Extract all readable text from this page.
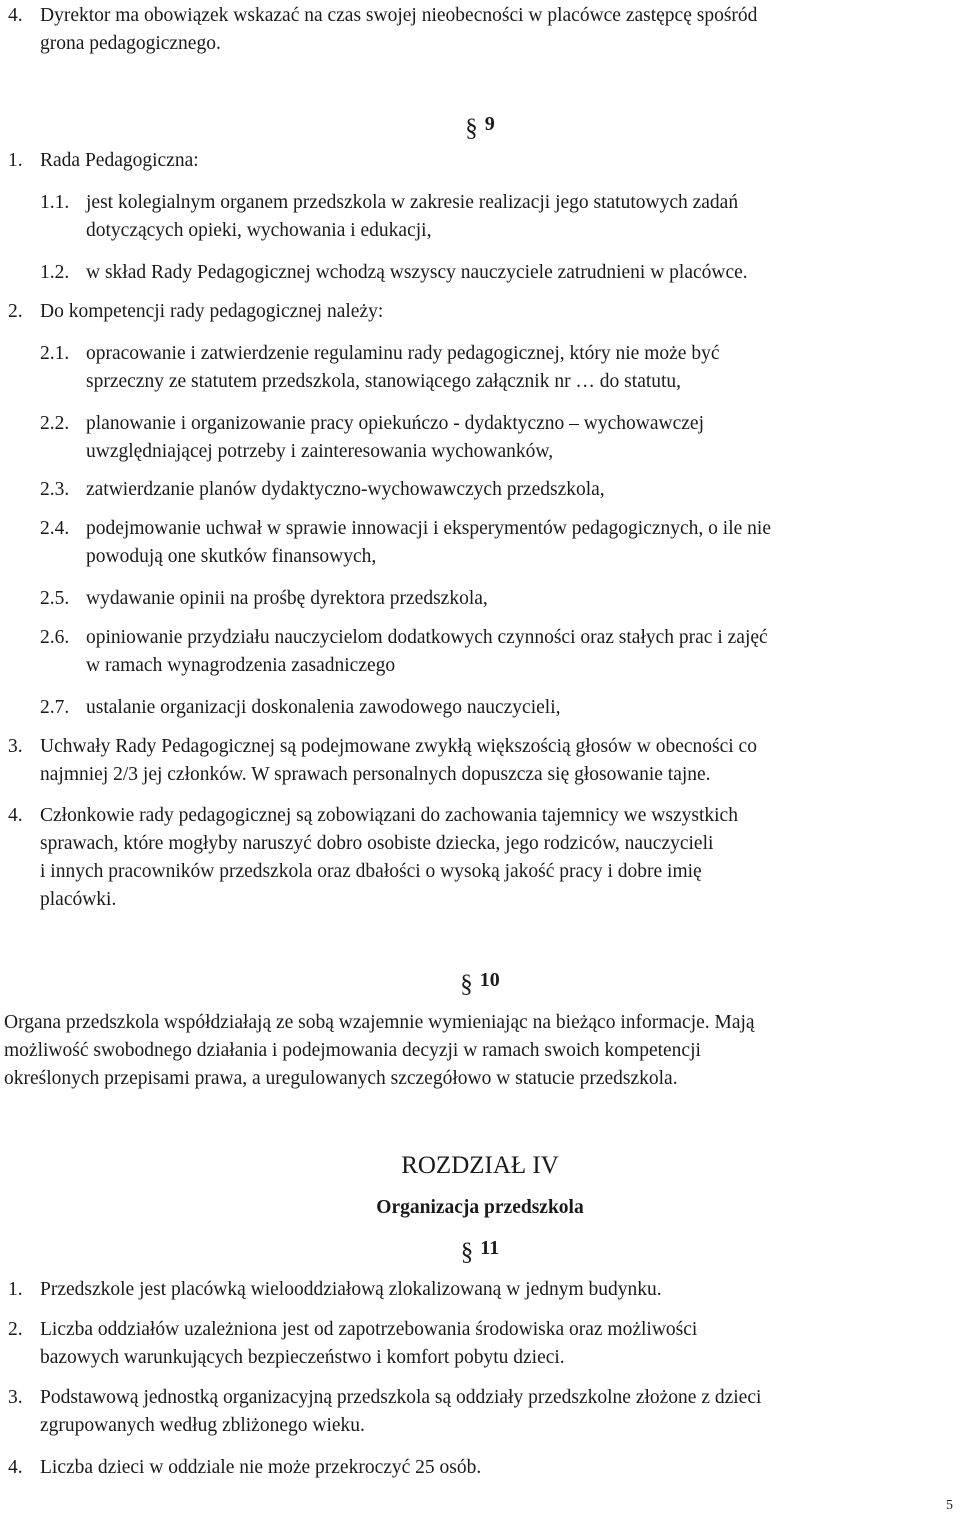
4. Dyrektor ma obowiązek wskazać na czas swojej nieobecności w placówce zastępcę spośród
grona pedagogicznego.
§ 9
1. Rada Pedagogiczna:
1.1. jest kolegialnym organem przedszkola w zakresie realizacji jego statutowych zadań
dotyczących opieki, wychowania i edukacji,
1.2. w skład Rady Pedagogicznej wchodzą wszyscy nauczyciele zatrudnieni w placówce.
2. Do kompetencji rady pedagogicznej należy:
2.1. opracowanie i zatwierdzenie regulaminu rady pedagogicznej, który nie może być
sprzeczny ze statutem przedszkola, stanowiącego załącznik nr … do statutu,
2.2. planowanie i organizowanie pracy opiekuńczo - dydaktyczno – wychowawczej
uwzględniającej potrzeby i zainteresowania wychowanków,
2.3. zatwierdzanie planów dydaktyczno-wychowawczych przedszkola,
2.4. podejmowanie uchwał w sprawie innowacji i eksperymentów pedagogicznych, o ile nie
powodują one skutków finansowych,
2.5. wydawanie opinii na prośbę dyrektora przedszkola,
2.6. opiniowanie przydziału nauczycielom dodatkowych czynności oraz stałych prac i zajęć
w ramach wynagrodzenia zasadniczego
2.7. ustalanie organizacji doskonalenia zawodowego nauczycieli,
3. Uchwały Rady Pedagogicznej są podejmowane zwykłą większością głosów w obecności co
najmniej 2/3 jej członków. W sprawach personalnych dopuszcza się głosowanie tajne.
4. Członkowie rady pedagogicznej są zobowiązani do zachowania tajemnicy we wszystkich
sprawach, które mogłyby naruszyć dobro osobiste dziecka, jego rodziców, nauczycieli
i innych pracowników przedszkola oraz dbałości o wysoką jakość pracy i dobre imię
placówki.
§ 10
Organa przedszkola współdziałają ze sobą wzajemnie wymieniając na bieżąco informacje. Mają
możliwość swobodnego działania i podejmowania decyzji w ramach swoich kompetencji
określonych przepisami prawa, a uregulowanych szczegółowo w statucie przedszkola.
ROZDZIAŁ IV
Organizacja przedszkola
§ 11
1. Przedszkole jest placówką wielooddziałową zlokalizowaną w jednym budynku.
2. Liczba oddziałów uzależniona jest od zapotrzebowania środowiska oraz możliwości
bazowych warunkujących bezpieczeństwo i komfort pobytu dzieci.
3. Podstawową jednostką organizacyjną przedszkola są oddziały przedszkolne złożone z dzieci
zgrupowanych według zbliżonego wieku.
4. Liczba dzieci w oddziale nie może przekroczyć 25 osób.
5
